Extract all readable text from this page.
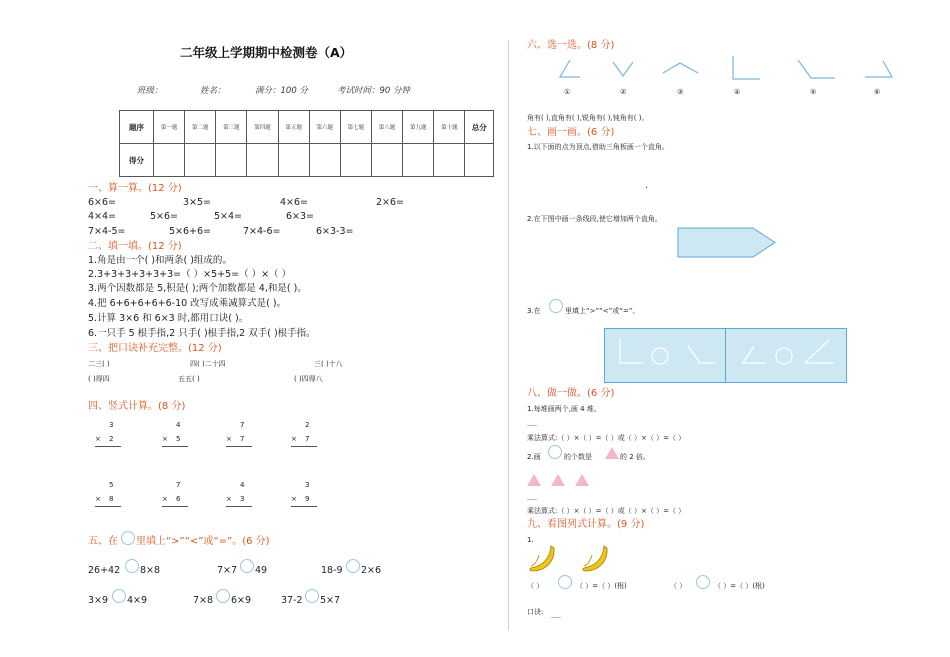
二年级上学期期中检测卷（A）
班级：	姓名：	满分：100 分	考试时间：90 分钟
题序	第一题	第二题	第三题	第四题	第五题	第六题	第七题	第八题	第九题	第十题	总分
得分											
一、算一算。(12 分)
6×6=	3×5=	4×6=	2×6=
4×4=	5×6=	5×4=	6×3=
7×4-5=	5×6+6=	7×4-6=	6×3-3=
二、填一填。(12 分)
1.角是由一个( )和两条( )组成的。
2.3+3+3+3+3+3=（ ）×5+5=（ ）×（ ）
3.两个因数都是 5,积是( );两个加数都是 4,和是( )。
4.把 6+6+6+6+6-10 改写成乘减算式是( )。
5.计算 3×6 和 6×3 时,都用口诀( )。
6.一只手 5 根手指,2 只手( )根手指,2 双手( )根手指。
三、把口诀补充完整。(12 分)
二三( )	四( )二十四	三( )十八
( )得四	五五( )	( )四得八
四、竖式计算。(8 分)
3
× 2
4
× 5
7
× 7
2
× 7
5
× 8
7
× 6
4
× 3
3
× 9
五、在 里填上“>”“<”或“=”。(6 分)
26+42 8×8	7×7 49	18-9 2×6
3×9 4×9	7×8 6×9	37-2 5×7
六、选一选。(8 分)
①	②	③	④	⑤	⑥
角有( ),直角有( ),锐角有( ),钝角有( )。
七、画一画。(6 分)
1.以下面的点为顶点,借助三角板画一个直角。
.
2.在下图中画一条线段,使它增加两个直角。
3.在	里填上“>”“<”或“=”。
八、做一做。(6 分)
1.每堆画两个,画 4 堆。
乘法算式:（ ）×（ ）=（ ）或（ ）×（ ）=（ ）
2.画	的个数是	的 2 倍。
乘法算式:（ ）×（ ）=（ ）或（ ）×（ ）=（ ）
九、看图列式计算。(9 分)
1.
（ ）	（ ）=（ ）(根)	（ ）	（ ）=（ ）(根)
口诀:
